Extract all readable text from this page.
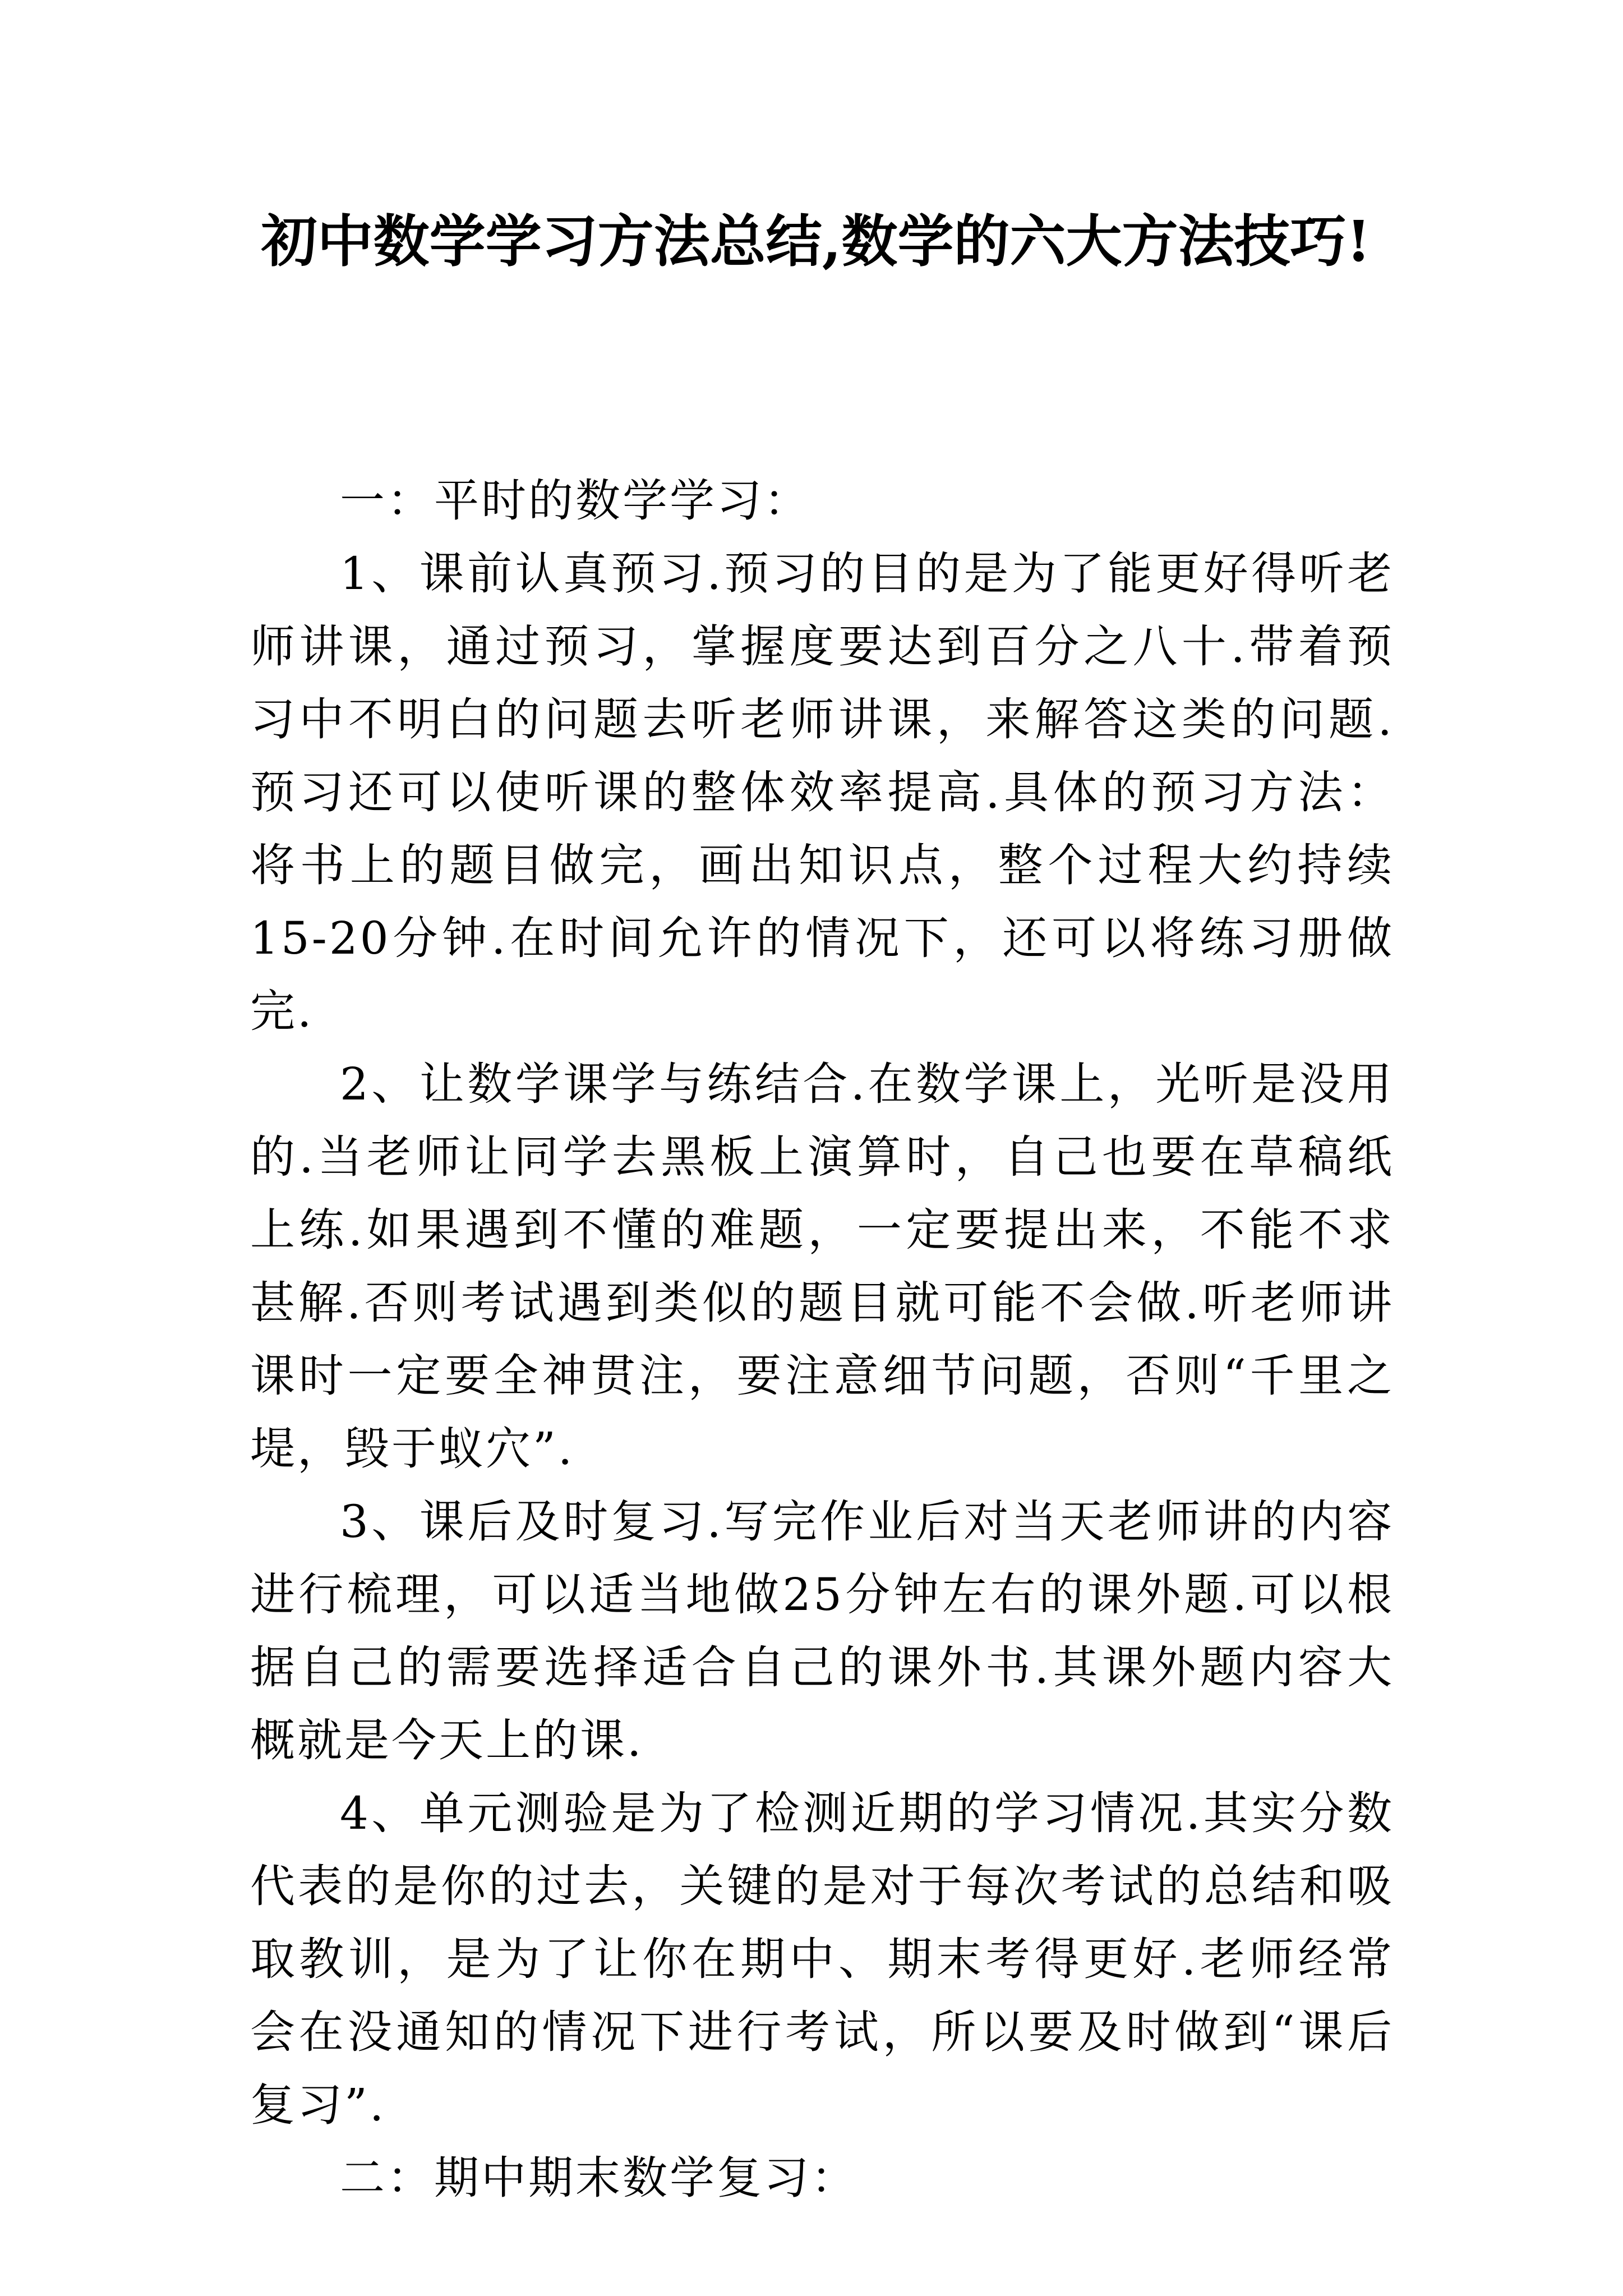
初中数学学习方法总结,数学的六大方法技巧!

一：平时的数学学习：

1、课前认真预习.预习的目的是为了能更好得听老师讲课，通过预习，掌握度要达到百分之八十.带着预习中不明白的问题去听老师讲课，来解答这类的问题.预习还可以使听课的整体效率提高.具体的预习方法：将书上的题目做完，画出知识点，整个过程大约持续15-20分钟.在时间允许的情况下，还可以将练习册做完.

2、让数学课学与练结合.在数学课上，光听是没用的.当老师让同学去黑板上演算时，自己也要在草稿纸上练.如果遇到不懂的难题，一定要提出来，不能不求甚解.否则考试遇到类似的题目就可能不会做.听老师讲课时一定要全神贯注，要注意细节问题，否则“千里之堤，毁于蚁穴”.

3、课后及时复习.写完作业后对当天老师讲的内容进行梳理，可以适当地做25分钟左右的课外题.可以根据自己的需要选择适合自己的课外书.其课外题内容大概就是今天上的课.

4、单元测验是为了检测近期的学习情况.其实分数代表的是你的过去，关键的是对于每次考试的总结和吸取教训，是为了让你在期中、期末考得更好.老师经常会在没通知的情况下进行考试，所以要及时做到“课后复习”.

二：期中期末数学复习：
